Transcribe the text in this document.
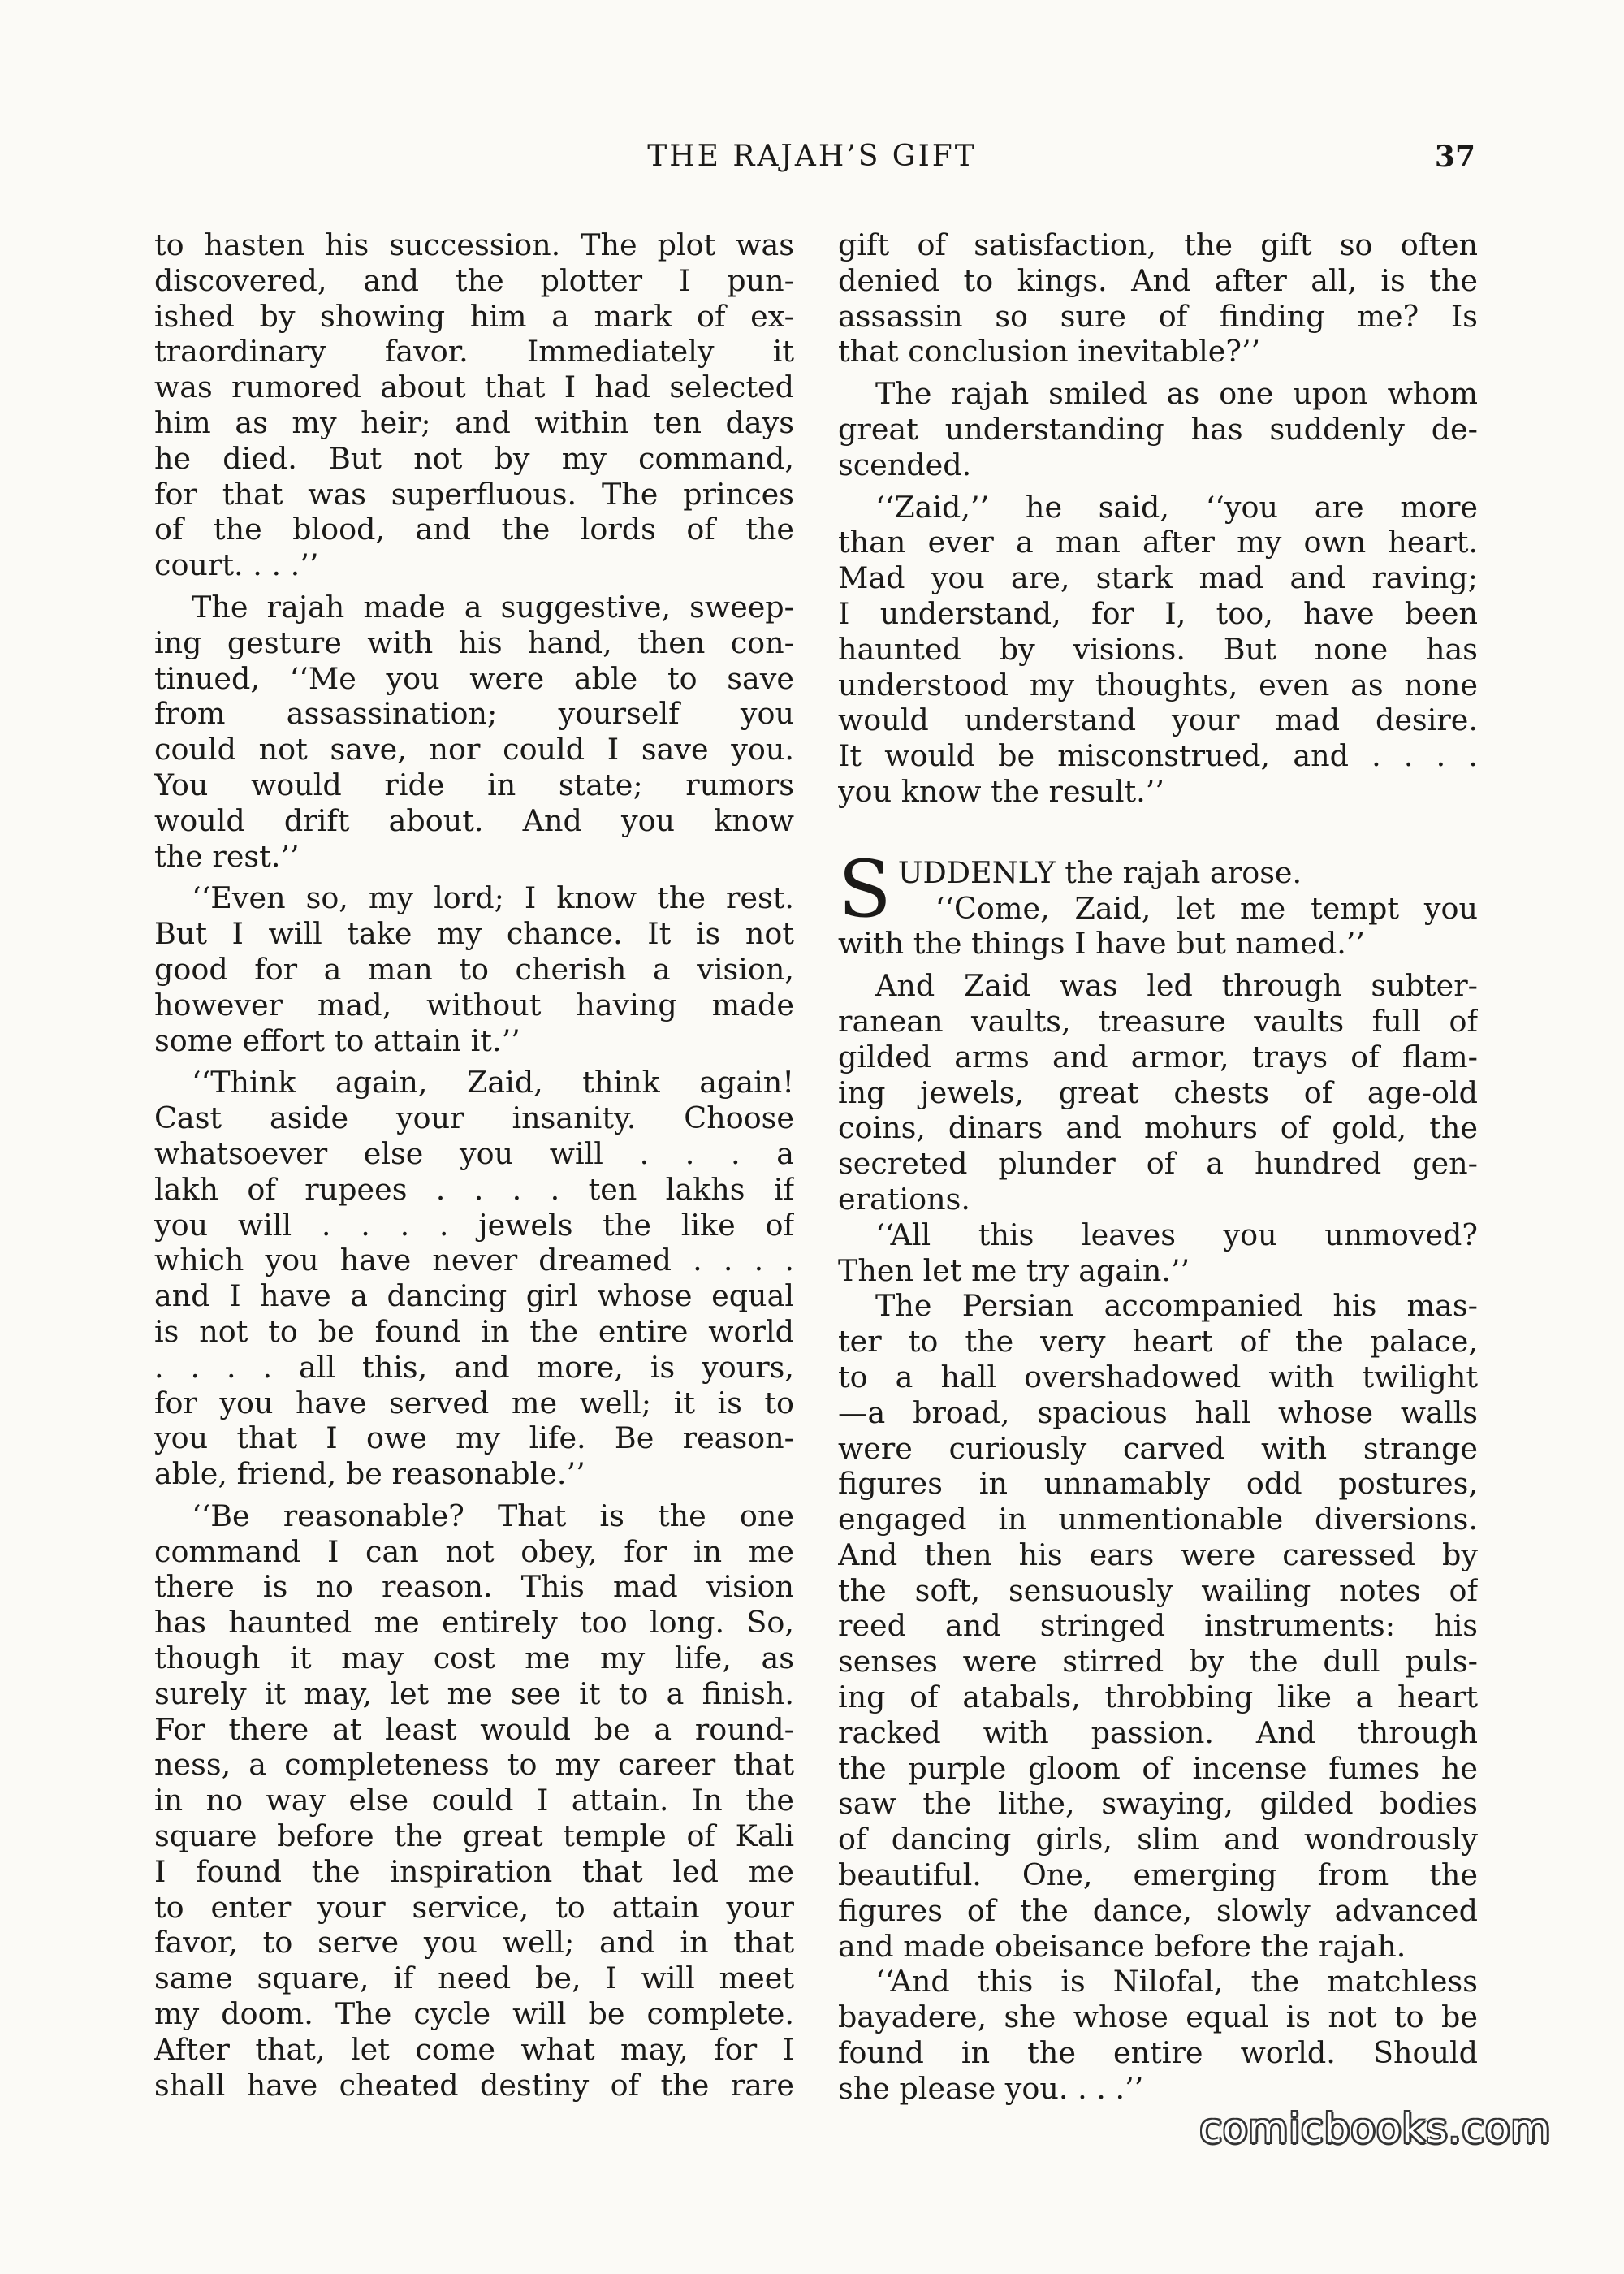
THE RAJAH’S GIFT	37
to hasten his succession. The plot was
discovered, and the plotter I pun-
ished by showing him a mark of ex-
traordinary favor. Immediately it
was rumored about that I had selected
him as my heir; and within ten days
he died. But not by my command,
for that was superfluous. The princes
of the blood, and the lords of the
court. . . .’’
The rajah made a suggestive, sweep-
ing gesture with his hand, then con-
tinued, ‘‘Me you were able to save
from assassination; yourself you
could not save, nor could I save you.
You would ride in state; rumors
would drift about. And you know
the rest.’’
‘‘Even so, my lord; I know the rest.
But I will take my chance. It is not
good for a man to cherish a vision,
however mad, without having made
some effort to attain it.’’
‘‘Think again, Zaid, think again!
Cast aside your insanity. Choose
whatsoever else you will . . . a
lakh of rupees . . . . ten lakhs if
you will . . . . jewels the like of
which you have never dreamed . . . .
and I have a dancing girl whose equal
is not to be found in the entire world
. . . . all this, and more, is yours,
for you have served me well; it is to
you that I owe my life. Be reason-
able, friend, be reasonable.’’
‘‘Be reasonable? That is the one
command I can not obey, for in me
there is no reason. This mad vision
has haunted me entirely too long. So,
though it may cost me my life, as
surely it may, let me see it to a finish.
For there at least would be a round-
ness, a completeness to my career that
in no way else could I attain. In the
square before the great temple of Kali
I found the inspiration that led me
to enter your service, to attain your
favor, to serve you well; and in that
same square, if need be, I will meet
my doom. The cycle will be complete.
After that, let come what may, for I
shall have cheated destiny of the rare
gift of satisfaction, the gift so often
denied to kings. And after all, is the
assassin so sure of finding me? Is
that conclusion inevitable?’’
The rajah smiled as one upon whom
great understanding has suddenly de-
scended.
‘‘Zaid,’’ he said, ‘‘you are more
than ever a man after my own heart.
Mad you are, stark mad and raving;
I understand, for I, too, have been
haunted by visions. But none has
understood my thoughts, even as none
would understand your mad desire.
It would be misconstrued, and . . . .
you know the result.’’
SUDDENLY the rajah arose.
‘‘Come, Zaid, let me tempt you
with the things I have but named.’’
And Zaid was led through subter-
ranean vaults, treasure vaults full of
gilded arms and armor, trays of flam-
ing jewels, great chests of age-old
coins, dinars and mohurs of gold, the
secreted plunder of a hundred gen-
erations.
‘‘All this leaves you unmoved?
Then let me try again.’’
The Persian accompanied his mas-
ter to the very heart of the palace,
to a hall overshadowed with twilight
—a broad, spacious hall whose walls
were curiously carved with strange
figures in unnamably odd postures,
engaged in unmentionable diversions.
And then his ears were caressed by
the soft, sensuously wailing notes of
reed and stringed instruments: his
senses were stirred by the dull puls-
ing of atabals, throbbing like a heart
racked with passion. And through
the purple gloom of incense fumes he
saw the lithe, swaying, gilded bodies
of dancing girls, slim and wondrously
beautiful. One, emerging from the
figures of the dance, slowly advanced
and made obeisance before the rajah.
‘‘And this is Nilofal, the matchless
bayadere, she whose equal is not to be
found in the entire world. Should
she please you. . . .’’
comicbooks.com
